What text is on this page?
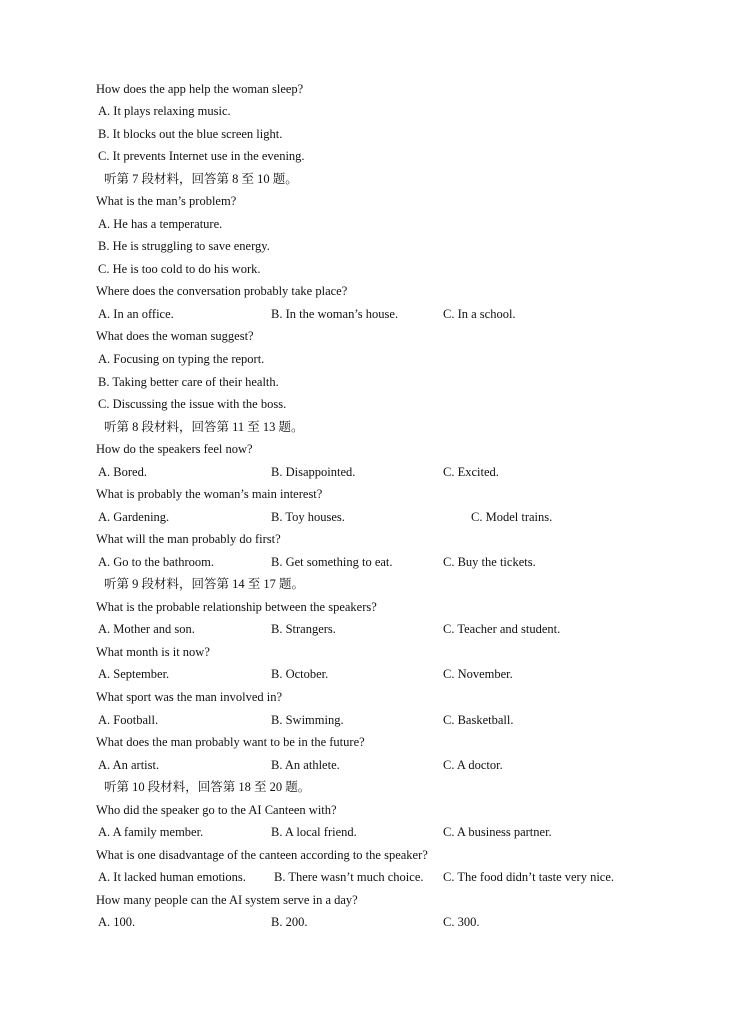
How does the app help the woman sleep?
A. It plays relaxing music.
B. It blocks out the blue screen light.
C. It prevents Internet use in the evening.
听第 7 段材料，回答第 8 至 10 题。
What is the man’s problem?
A. He has a temperature.
B. He is struggling to save energy.
C. He is too cold to do his work.
Where does the conversation probably take place?
A. In an office.	B. In the woman’s house.	C. In a school.
What does the woman suggest?
A. Focusing on typing the report.
B. Taking better care of their health.
C. Discussing the issue with the boss.
听第 8 段材料，回答第 11 至 13 题。
How do the speakers feel now?
A. Bored.	B. Disappointed.	C. Excited.
What is probably the woman’s main interest?
A. Gardening.	B. Toy houses.	C. Model trains.
What will the man probably do first?
A. Go to the bathroom.	B. Get something to eat.	C. Buy the tickets.
听第 9 段材料，回答第 14 至 17 题。
What is the probable relationship between the speakers?
A. Mother and son.	B. Strangers.	C. Teacher and student.
What month is it now?
A. September.	B. October.	C. November.
What sport was the man involved in?
A. Football.	B. Swimming.	C. Basketball.
What does the man probably want to be in the future?
A. An artist.	B. An athlete.	C. A doctor.
听第 10 段材料，回答第 18 至 20 题。
Who did the speaker go to the AI Canteen with?
A. A family member.	B. A local friend.	C. A business partner.
What is one disadvantage of the canteen according to the speaker?
A. It lacked human emotions. B. There wasn’t much choice. C. The food didn’t taste very nice.
How many people can the AI system serve in a day?
A. 100.	B. 200.	C. 300.
